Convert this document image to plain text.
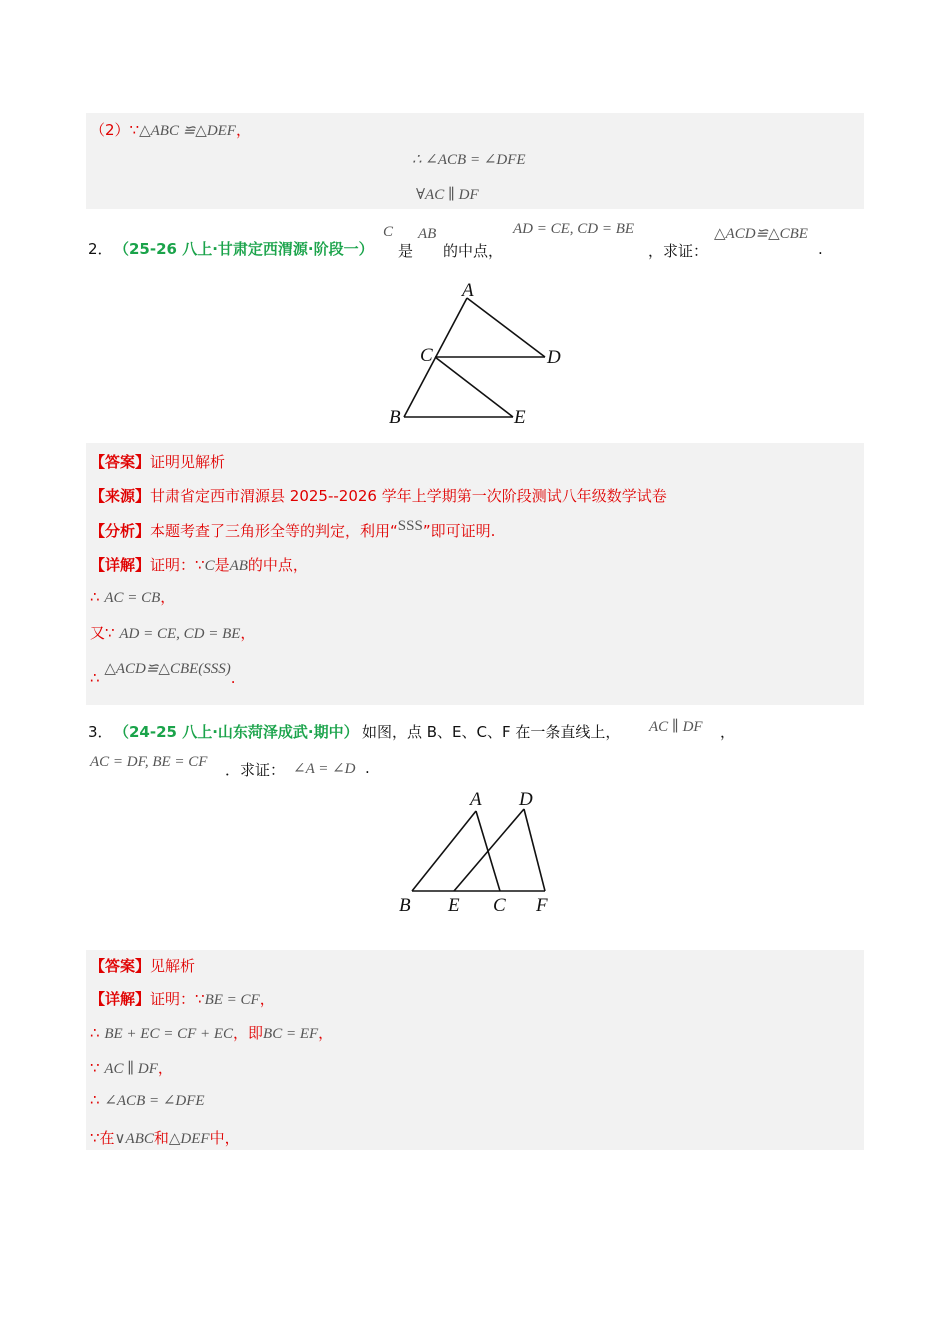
（2）∵△ABC ≌△DEF，
∴ ∠ACB = ∠DFE
∀AC ∥ DF
2． （25-26 八上·甘肃定西渭源·阶段一）
C
是
AB
的中点，
AD = CE, CD = BE
，求证：
△ACD≌△CBE
.
A
C	D
B	E
【答案】证明见解析
【来源】甘肃省定西市渭源县 2025--2026 学年上学期第一次阶段测试八年级数学试卷
【分析】本题考查了三角形全等的判定，利用“SSS”即可证明.
【详解】证明：∵C是AB的中点，
∴ AC = CB，
又∵ AD = CE, CD = BE，
∴ △ACD≌△CBE(SSS).
3． （24-25 八上·山东菏泽成武·期中） 如图，点 B、E、C、F 在一条直线上， AC ∥ DF ，
AC = DF, BE = CF ．求证： ∠A = ∠D .
A D
B E C F
【答案】见解析
【详解】证明：∵BE = CF，
∴ BE + EC = CF + EC，即BC = EF，
∵ AC ∥ DF，
∴ ∠ACB = ∠DFE
∵在∨ABC和△DEF中，
